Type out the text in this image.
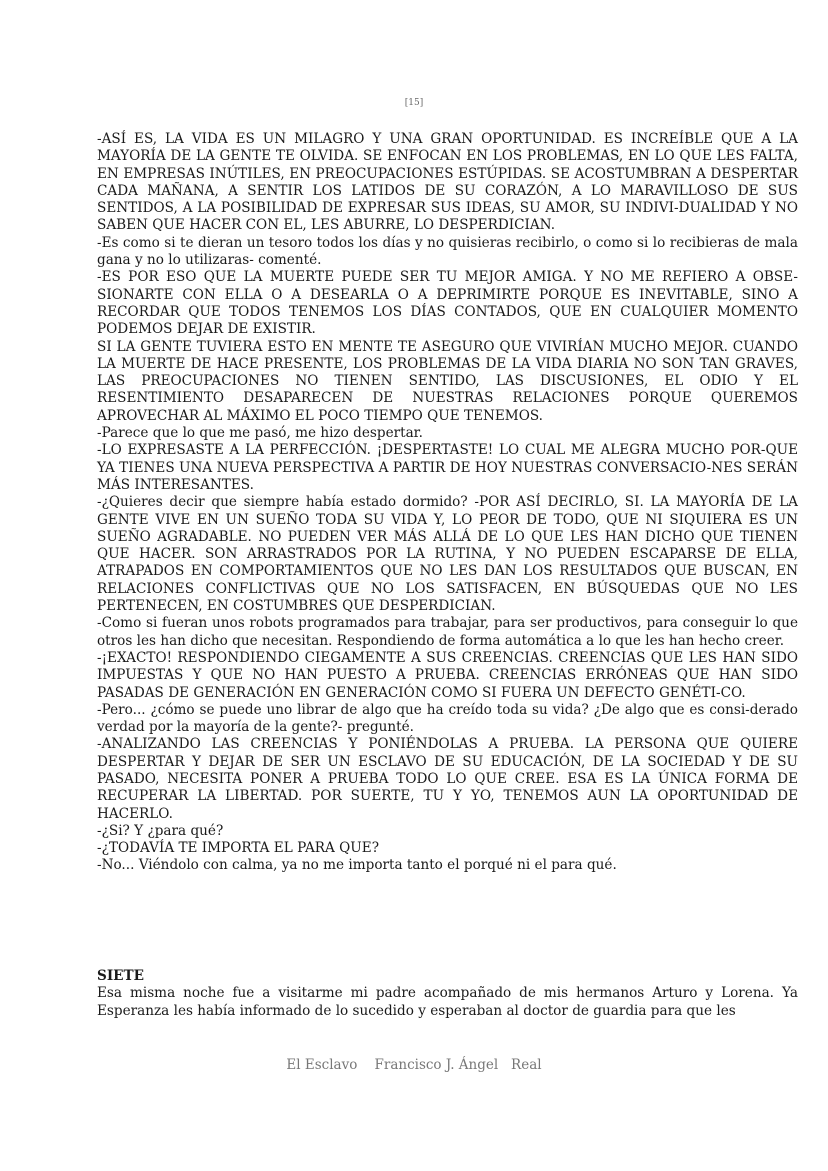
[15]

-ASÍ ES, LA VIDA ES UN MILAGRO Y UNA GRAN OPORTUNIDAD. ES INCREÍBLE QUE A LA MAYORÍA DE LA GENTE TE OLVIDA. SE ENFOCAN EN LOS PROBLEMAS, EN LO QUE LES FALTA, EN EMPRESAS INÚTILES, EN PREOCUPACIONES ESTÚPIDAS. SE ACOSTUMBRAN A DESPERTAR CADA MAÑANA, A SENTIR LOS LATIDOS DE SU CORAZÓN, A LO MARAVILLOSO DE SUS SENTIDOS, A LA POSIBILIDAD DE EXPRESAR SUS IDEAS, SU AMOR, SU INDIVI-DUALIDAD Y NO SABEN QUE HACER CON EL, LES ABURRE, LO DESPERDICIAN.

-Es como si te dieran un tesoro todos los días y no quisieras recibirlo, o como si lo recibieras de mala gana y no lo utilizaras- comenté.

-ES POR ESO QUE LA MUERTE PUEDE SER TU MEJOR AMIGA. Y NO ME REFIERO A OBSE-SIONARTE CON ELLA O A DESEARLA O A DEPRIMIRTE PORQUE ES INEVITABLE, SINO A RECORDAR QUE TODOS TENEMOS LOS DÍAS CONTADOS, QUE EN CUALQUIER MOMENTO PODEMOS DEJAR DE EXISTIR.

SI LA GENTE TUVIERA ESTO EN MENTE TE ASEGURO QUE VIVIRÍAN MUCHO MEJOR. CUANDO LA MUERTE DE HACE PRESENTE, LOS PROBLEMAS DE LA VIDA DIARIA NO SON TAN GRAVES, LAS PREOCUPACIONES NO TIENEN SENTIDO, LAS DISCUSIONES, EL ODIO Y EL RESENTIMIENTO DESAPARECEN DE NUESTRAS RELACIONES PORQUE QUEREMOS APROVECHAR AL MÁXIMO EL POCO TIEMPO QUE TENEMOS.

-Parece que lo que me pasó, me hizo despertar.

-LO EXPRESASTE A LA PERFECCIÓN. ¡DESPERTASTE! LO CUAL ME ALEGRA MUCHO POR-QUE YA TIENES UNA NUEVA PERSPECTIVA A PARTIR DE HOY NUESTRAS CONVERSACIO-NES SERÁN MÁS INTERESANTES.

-¿Quieres decir que siempre había estado dormido? -POR ASÍ DECIRLO, SI. LA MAYORÍA DE LA GENTE VIVE EN UN SUEÑO TODA SU VIDA Y, LO PEOR DE TODO, QUE NI SIQUIERA ES UN SUEÑO AGRADABLE. NO PUEDEN VER MÁS ALLÁ DE LO QUE LES HAN DICHO QUE TIENEN QUE HACER. SON ARRASTRADOS POR LA RUTINA, Y NO PUEDEN ESCAPARSE DE ELLA, ATRAPADOS EN COMPORTAMIENTOS QUE NO LES DAN LOS RESULTADOS QUE BUSCAN, EN RELACIONES CONFLICTIVAS QUE NO LOS SATISFACEN, EN BÚSQUEDAS QUE NO LES PERTENECEN, EN COSTUMBRES QUE DESPERDICIAN.

-Como si fueran unos robots programados para trabajar, para ser productivos, para conseguir lo que otros les han dicho que necesitan. Respondiendo de forma automática a lo que les han hecho creer.

-¡EXACTO! RESPONDIENDO CIEGAMENTE A SUS CREENCIAS. CREENCIAS QUE LES HAN SIDO IMPUESTAS Y QUE NO HAN PUESTO A PRUEBA. CREENCIAS ERRÓNEAS QUE HAN SIDO PASADAS DE GENERACIÓN EN GENERACIÓN COMO SI FUERA UN DEFECTO GENÉTI-CO.

-Pero... ¿cómo se puede uno librar de algo que ha creído toda su vida? ¿De algo que es consi-derado verdad por la mayoría de la gente?- pregunté.

-ANALIZANDO LAS CREENCIAS Y PONIÉNDOLAS A PRUEBA. LA PERSONA QUE QUIERE DESPERTAR Y DEJAR DE SER UN ESCLAVO DE SU EDUCACIÓN, DE LA SOCIEDAD Y DE SU PASADO, NECESITA PONER A PRUEBA TODO LO QUE CREE. ESA ES LA ÚNICA FORMA DE RECUPERAR LA LIBERTAD. POR SUERTE, TU Y YO, TENEMOS AUN LA OPORTUNIDAD DE HACERLO.

-¿Si? Y ¿para qué?

-¿TODAVÍA TE IMPORTA EL PARA QUE?

-No... Viéndolo con calma, ya no me importa tanto el porqué ni el para qué.

SIETE

Esa misma noche fue a visitarme mi padre acompañado de mis hermanos Arturo y Lorena. Ya Esperanza les había informado de lo sucedido y esperaban al doctor de guardia para que les

El Esclavo    Francisco J. Ángel   Real
